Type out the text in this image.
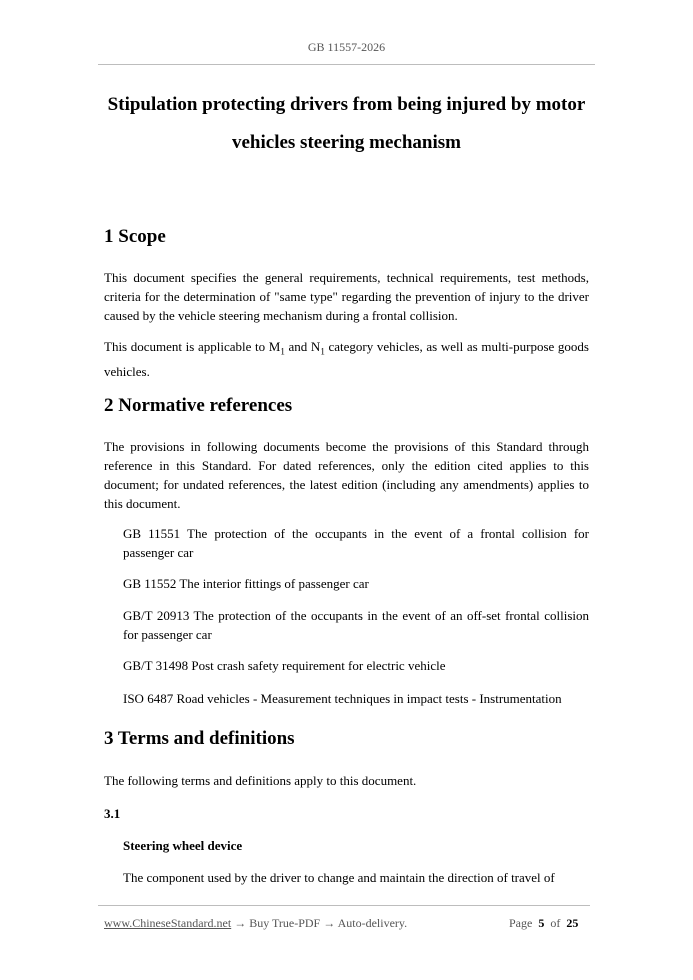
GB 11557-2026
Stipulation protecting drivers from being injured by motor
vehicles steering mechanism
1 Scope

This document specifies the general requirements, technical requirements, test methods, criteria for the determination of "same type" regarding the prevention of injury to the driver caused by the vehicle steering mechanism during a frontal collision.

This document is applicable to $M_1$ and $N_1$ category vehicles, as well as multi-purpose goods vehicles.

2 Normative references

The provisions in following documents become the provisions of this Standard through reference in this Standard. For dated references, only the edition cited applies to this document; for undated references, the latest edition (including any amendments) applies to this document.

GB 11551 The protection of the occupants in the event of a frontal collision for passenger car

GB 11552 The interior fittings of passenger car

GB/T 20913 The protection of the occupants in the event of an off-set frontal collision for passenger car

GB/T 31498 Post crash safety requirement for electric vehicle

ISO 6487 Road vehicles - Measurement techniques in impact tests - Instrumentation

3 Terms and definitions

The following terms and definitions apply to this document.

3.1

Steering wheel device

The component used by the driver to change and maintain the direction of travel of

www.ChineseStandard.net → Buy True-PDF → Auto-delivery.	Page 5 of 25
